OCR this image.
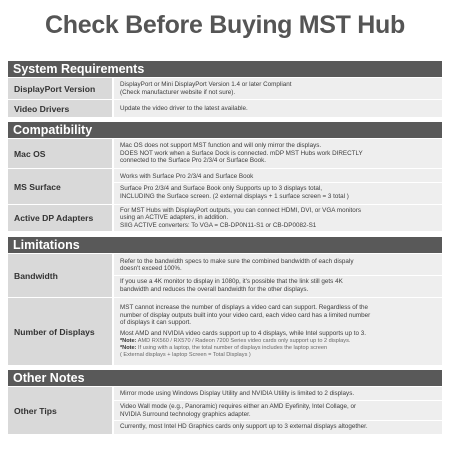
Check Before Buying MST Hub
System Requirements
DisplayPort Version	DisplayPort or Mini DisplayPort Version 1.4 or later Compliant

(Check manufacturer website if not sure).

Video Drivers	Update the video driver to the latest available.

Compatibility
Mac OS

Mac OS does not support MST function and will only mirror the displays.

DOES NOT work when a Surface Dock is connected. mDP MST Hubs work DIRECTLY

connected to the Surface Pro 2/3/4 or Surface Book.

MS Surface

Works with Surface Pro 2/3/4 and Surface Book

Surface Pro 2/3/4 and Surface Book only Supports up to 3 displays total,

INCLUDING the Surface screen. (2 external displays + 1 surface screen = 3 total )

Active DP Adapters

For MST Hubs with DisplayPort outputs, you can connect HDMI, DVI, or VGA monitors

using an ACTIVE adapters, in addition.

SIIG ACTIVE converters: To VGA = CB-DP0N11-S1 or CB-DP0082-S1

Limitations
Bandwidth

Refer to the bandwidth specs to make sure the combined bandwidth of each dispaly

doesn't exceed 100%.

If you use a 4K monitor to display in 1080p, it's possible that the link still gets 4K

bandwidth and reduces the overall bandwidth for the other displays.

Number of Displays

MST cannot increase the number of displays a video card can support. Regardless of the

number of display outputs built into your video card, each video card has a limited number

of displays it can support.

Most AMD and NVIDIA video cards support up to 4 displays, while Intel supports up to 3.

*Note: AMD RX560 / RX570 / Radeon 7200 Series video cards only support up to 2 displays.

*Note: If using with a laptop, the total number of displays includes the laptop screen

( External displays + laptop Screen = Total Displays )

Other Notes
Other Tips

Mirror mode using Windows Display Utility and NVIDIA Utility is limited to 2 displays.

Video Wall mode (e.g., Panoramic) requires either an AMD Eyefinity, Intel Collage, or

NVIDIA Surround technology graphics adapter.

Currently, most Intel HD Graphics cards only support up to 3 external displays altogether.
